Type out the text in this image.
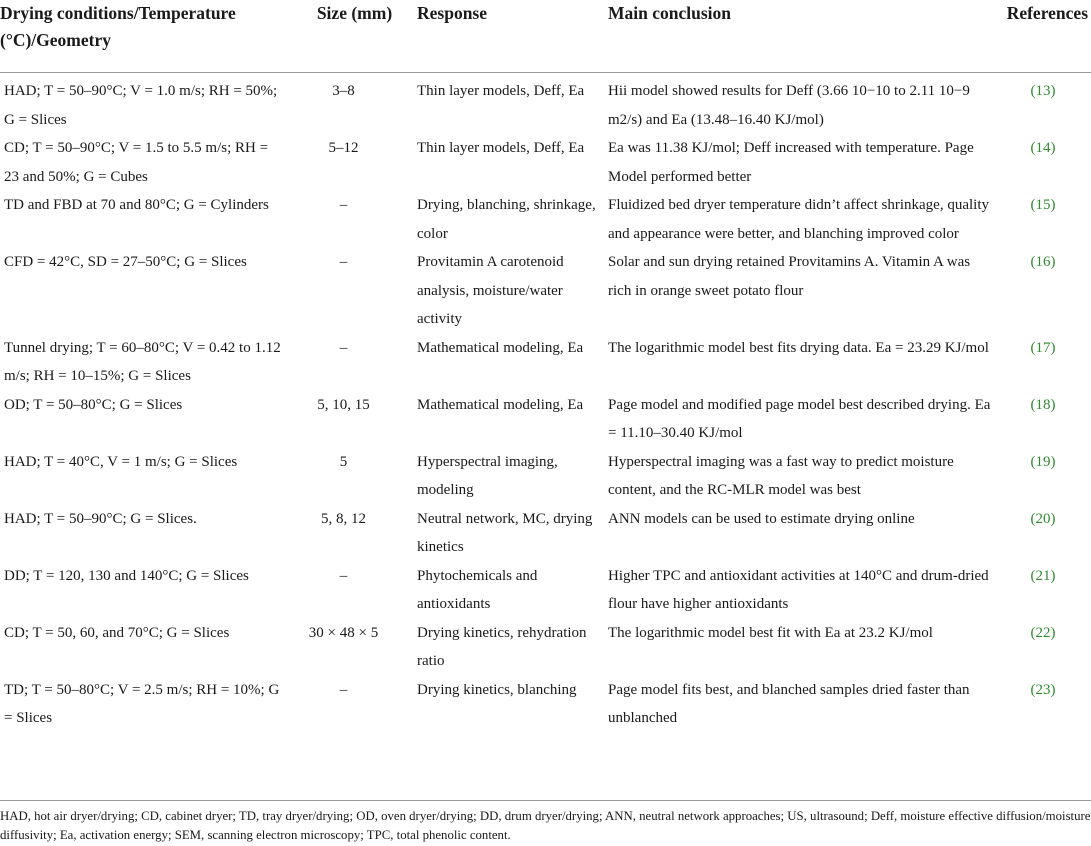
Drying conditions/Temperature (°C)/Geometry	Size (mm)	Response	Main conclusion	References
HAD; T = 50–90°C; V = 1.0 m/s; RH = 50%; G = Slices	3–8	Thin layer models, Deff, Ea	Hii model showed results for Deff (3.66 10−10 to 2.11 10−9 m2/s) and Ea (13.48–16.40 KJ/mol)	(13)
CD; T = 50–90°C; V = 1.5 to 5.5 m/s; RH = 23 and 50%; G = Cubes	5–12	Thin layer models, Deff, Ea	Ea was 11.38 KJ/mol; Deff increased with temperature. Page Model performed better	(14)
TD and FBD at 70 and 80°C; G = Cylinders	–	Drying, blanching, shrinkage, color	Fluidized bed dryer temperature didn’t affect shrinkage, quality and appearance were better, and blanching improved color	(15)
CFD = 42°C, SD = 27–50°C; G = Slices	–	Provitamin A carotenoid analysis, moisture/water activity	Solar and sun drying retained Provitamins A. Vitamin A was rich in orange sweet potato flour	(16)
Tunnel drying; T = 60–80°C; V = 0.42 to 1.12 m/s; RH = 10–15%; G = Slices	–	Mathematical modeling, Ea	The logarithmic model best fits drying data. Ea = 23.29 KJ/mol	(17)
OD; T = 50–80°C; G = Slices	5, 10, 15	Mathematical modeling, Ea	Page model and modified page model best described drying. Ea = 11.10–30.40 KJ/mol	(18)
HAD; T = 40°C, V = 1 m/s; G = Slices	5	Hyperspectral imaging, modeling	Hyperspectral imaging was a fast way to predict moisture content, and the RC-MLR model was best	(19)
HAD; T = 50–90°C; G = Slices.	5, 8, 12	Neutral network, MC, drying kinetics	ANN models can be used to estimate drying online	(20)
DD; T = 120, 130 and 140°C; G = Slices	–	Phytochemicals and antioxidants	Higher TPC and antioxidant activities at 140°C and drum-dried flour have higher antioxidants	(21)
CD; T = 50, 60, and 70°C; G = Slices	30 × 48 × 5	Drying kinetics, rehydration ratio	The logarithmic model best fit with Ea at 23.2 KJ/mol	(22)
TD; T = 50–80°C; V = 2.5 m/s; RH = 10%; G = Slices	–	Drying kinetics, blanching	Page model fits best, and blanched samples dried faster than unblanched	(23)
HAD, hot air dryer/drying; CD, cabinet dryer; TD, tray dryer/drying; OD, oven dryer/drying; DD, drum dryer/drying; ANN, neutral network approaches; US, ultrasound; Deff, moisture effective diffusion/moisture diffusivity; Ea, activation energy; SEM, scanning electron microscopy; TPC, total phenolic content.
